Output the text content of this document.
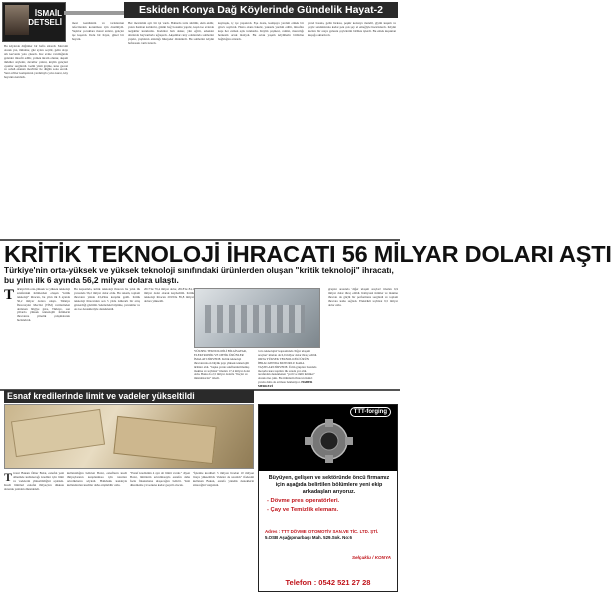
İSMAİL
DETSELİ
Eskiden Konya Dağ Köylerinde Gündelik Hayat-2
Bu köylerde düğünler bir hafta sürerdi. Mevsim olarak yaz, ilkbahar, güz ayları seçilir, gelin alayı atlı kervanla yola çıkardı. Kız evine varıldığında gelenler misafir edilir, yemek ikram olunur, akşam türküler söylenir, davullar çalınır, köyün gençleri oyunlar sergilerdi. Gelin yüzü görme, kına gecesi ve sabah okunan mevlitler ile düğün sona ererdi. Yeni evliler komşuların yardımıyla yuva kurar, köy hayatına katılırdı.
mesi kendisinin ve tarlalarının tefecilerden korunması için önemliydi. Yaşlılar çocuklara masal anlatır, gençler işe koşardı. Dolu bir hayat, güzel bir hayattı.
Her mevsimin ayrı bir işi vardı. Baharda tarla sürülür, ekin ekilir, yazın harman kaldırılır, güzün bağ bozumu yapılır, kışın ise evlerde tezgahlar kurulurdu. Kadınlar halı dokur, yün eğirir, erkekler ahırlarda hayvanlarla uğraşırdı. Akşamları köy odalarında sohbetler yapılır, yaşlıların anlattığı hikayeler dinlenirdi. Bu sohbetler köyün hafızasını canlı tutardı.
kaynaşık, iç içe yaşanırdı. Eşe dosta, komşuya yardım etmek bir görev sayılırdı. Hasta olana bakılır, yoksula yardım edilir, misafire kapı her zaman açık tutulurdu. Köyün çeşmesi, camisi, mezarlığı herkesin ortak malıydı. Bu ortak yaşam köylülerin birbirine bağlılığını artırırdı.
yerel basına, gelin hırkası, peşkir kolonya mendil, giyim kuşam ve çeyiz sandıklarına kadar pek çok şey el emeğiyle hazırlanırdı. Köyün kızları bir araya gelerek çeyizlerini birlikte işlerdi. Bu emek kuşaktan kuşağa aktarılırdı.
KRİTİK TEKNOLOJİ İHRACATI 56 MİLYAR DOLARI AŞTI
Türkiye'nin orta-yüksek ve yüksek teknoloji sınıfındaki ürünlerden oluşan "kritik teknoloji" ihracatı, bu yılın ilk 6 ayında 56,2 milyar dolara ulaştı.
T ürkiye'nin orta-yüksek ve yüksek teknoloji sınıfındaki ürünlerden oluşan "kritik teknoloji" ihracatı, bu yılın ilk 6 ayında 56,2 milyar dolara ulaştı. Türkiye İhracatçılar Meclisi (TİM) verilerinden derlenen bilgiye göre, Türkiye, son yıllarda yüksek teknolojili ürünlerin ihracatına yönelik çalışmalarını hızlandırdı.
Bu kapsamda, kritik teknoloji ihracatı bu yılın ilk yarısında 56,2 milyar dolar oldu. Bu rakam, toplam ihracatın yüzde 43,4'üne karşılık geldi. Kritik teknoloji ihracatının son 5 yılda istikrarlı bir artış gösterdiği görüldü. Sektördeki büyüme, yatırımlar ve Ar-Ge destekleriyle desteklendi.
2017'de 79,4 milyar dolar, 2018'de 84,1 milyar dolar olarak kaydedildi. Kritik teknoloji ihracatı 2019'da 85,8 milyar dolara yükseldi.
gruplar arasında 'diğer ulaşım araçları' imalatı 6,9 milyar dolar ihraç edildi. Kimyasal ürünler ve makine ihracatı da güçlü bir performans sergiledi ve toplam ihracata katkı sağladı. Elektrikli teçhizat 9,5 milyar dolar oldu.
YÜKSEK TEKNOLOJİLİ BİLGİSAYAR, ELEKTRONİK VE OPTİK ÜRÜNLER İMALATI ZİRVEDE. Kritik teknoloji ihracatında en büyük payı yüksek teknolojili ürünler aldı. "başka yerde sınıflandırılmamış makine ve teçhizat" imalatı 17,4 milyar dolar oldu. Bunu da 2,5 milyar dolarla "ilaçlar ve müstahzarlar" izledi.
'orta teknolojisi' kapsamında 'diğer ulaşım araçları' imalatı da 6,9 milyar dolar ihraç edildi. ORTA YÜKSEK TEKNOLOJİLİ ÜRÜN İHRACATINDA MOTORLU KARA TAŞITLARI ZİRVEDE. Ürün grupları bazında motorlu kara taşıtları ilk sırada yer aldı. tarafından desteklenen "yerli ve milli ürünler" olarak öne çıktı. Bu ürünlerin ihracatı ikinci yarıda daha da artması bekleniyor. HABER MERKEZİ
Esnaf kredilerinde limit ve vadeler yükseltildi
Ticaret Bakanı Ömer Bolat, esnafın yeni dönemde kullanacağı krediler için limit ve vadelerin yükseltildiğini açıkladı. Kredi limitleri esnafın ihtiyaçları dikkate alınarak yeniden düzenlendi.
kullanıldığını belirten Bolat, esnafların kredi ihtiyaçlarının karşılanması için tutarları artırdıklarını söyledi. Halkbank kanalıyla kullandırılan krediler daha erişilebilir oldu.
"Esnaf kredisinin 4 ayrı alt limiti vardır." diyen Bolat, limitlerin artırılmasıyla esnafın daha fazla finansmana ulaşacağını belirtti. Yeni düzenleme yıl sonuna kadar geçerli olacak.
"İşletme kredileri 5 milyon liradan 10 milyon liraya yükseltildi. Vadeler de uzatıldı" ifadesini kullanan Bakan, esnafa yönelik desteklerin süreceğini vurguladı.
TTT-forging
Büyüyen, gelişen ve sektöründe öncü firmamız için aşağıda belirtilen bölümlere yeni ekip arkadaşları arıyoruz.
- Dövme pres operatörleri.
- Çay ve Temizlik elemanı.
Adres : TTT DÖVME OTOMOTİV SAN.VE TİC. LTD. ŞTİ.
5.OSB Aşağıpınarbaşı Mah. 529.Sok. No:6
Selçuklu / KONYA
Telefon : 0542 521 27 28
